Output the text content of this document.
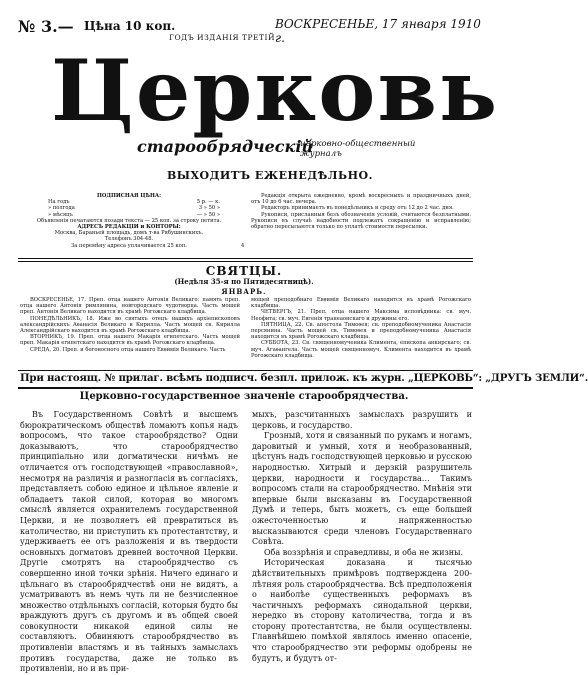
№ 3.— Цѣна 10 коп.	ВОСКРЕСЕНЬЕ, 17 января 1910 г.
ГОДЪ ИЗДАНІЯ ТРЕТІЙ
Церковь
старообрядческій
церковно-общественный журналъ
ВЫХОДИТЪ ЕЖЕНЕДѢЛЬНО.
ПОДПИСНАЯ ЦѢНА:
На годъ	5 р. — к.
» полгода	3 » 50 »
» мѣсяцъ	— » 50 »
Объявленія печатаются позади текста — 25 коп. за строку петита.
АДРЕСЪ РЕДАКЦІИ и КОНТОРЫ:
Москва, Бараньей площадь, домъ т-ва Рябушинскихъ.
Телефонъ 304-48.
За перемѣну адреса уплачивается 25 коп.	4
Редакція открыта ежедневно, кромѣ воскресныхъ и праздничныхъ дней, отъ 10 до 6 час. вечера.
Редакторъ принимаетъ въ понедѣльникъ и среду отъ 12 до 2 час. дня.
Рукописи, присланныя безъ обозначенія условій, считаются безплатными. Рукописи въ случаѣ надобности подлежатъ сокращенію и исправленію; обратно пересылаются только по уплатѣ стоимости пересылки.
СВЯТЦЫ.
(Недѣля 35-я по Пятидесятницѣ).
ЯНВАРЬ.
ВОСКРЕСЕНЬЕ, 17. Преп. отца нашего Антонія Великаго: память преп. отца нашего Антонія римлянина, новгородскаго чудотворца. Часть мощей преп. Антонія Великаго находится въ храмѣ Рогожскаго кладбища.
ПОНЕДѢЛЬНИКЪ, 18. Иже во святыхъ отецъ нашихъ архіепископовъ александрійскихъ Аѳанасія Великаго и Кирилла. Часть мощей св. Кирилла Александрійскаго находится въ храмѣ Рогожскаго кладбища.
ВТОРНИКЪ, 19. Преп. отца нашего Макарія египетскаго. Часть мощей преп. Макарія египетскаго находится въ храмѣ Рогожскаго кладбища.
СРЕДА, 20. Преп. и богоносного отца нашего Евѳимія Великаго. Часть
мощей преподобнаго Евѳимія Великаго находится въ храмѣ Рогожскаго кладбища.
ЧЕТВЕРГЪ, 21. Преп. отца нашего Максима исповѣдника: св. муч. Неофита; св. муч. Евгенія транеаонскаго и дружины его.
ПЯТНИЦА, 22. Св. апостола Тимоѳея; св. преподобномученика Анастасія персянина. Часть мощей св. Тимоѳея и преподобномученика Анастасія находится въ храмѣ Рогожскаго кладбища.
СУББОТА, 23. Св. священномученика Климента, епископа анкирскаго; св. муч. Агаѳангела. Часть мощей священномуч. Климента находится въ храмѣ Рогожскаго кладбища.
При настоящ. № прилаг. всѣмъ подписч. безпл. прилож. къ журн. „ЦЕРКОВЬ“: „ДРУГЪ ЗЕМЛИ“.
Церковно-государственное значеніе старообрядчества.

Въ Государственномъ Совѣтѣ и высшемъ бюрократическомъ обществѣ ломаютъ копья надъ вопросомъ, что такое старообрядство? Одни доказываютъ, что старообрядчество принципіально или догматически ничѣмъ не отличается отъ господствующей «православной», несмотря на различія и разногласія въ согласіяхъ, представляетъ собою единое и цѣльное явленіе и обладаетъ такой силой, которая во многомъ смыслѣ является охранителемъ государственной Церкви, и не позволяетъ ей превратиться въ католичество, ни приступить къ протестантству, и удерживаетъ ее отъ разложенія и въ твердости основныхъ догматовъ древней восточной Церкви. Другіе смотрятъ на старообрядчество съ совершенно иной точки зрѣнія. Ничего единаго и цѣльнаго въ старообрядчествѣ они не видятъ, а усматриваютъ въ немъ чуть ли не безчисленное множество отдѣльныхъ согласій, которыя будто бы враждуютъ другъ съ другомъ и въ общей своей совокупности никакой единой силы не составляютъ. Обвиняютъ старообрядчество въ противленіи властямъ и въ тайныхъ замыслахъ противъ государства, даже не только въ противленіи, но и въ при-

мыхъ, разсчитанныхъ замыслахъ разрушить и церковь, и государство.

Грозный, хотя и связанный по рукамъ и ногамъ, даровитый и умный, хотя и необразованный, цѣстунъ надъ господствующей церковью и русскою народностью. Хитрый и дерзкій разрушитель церкви, народности и государства… Такимъ вопросомъ стали на старообрядчество. Мнѣнія эти впервые были высказаны въ Государственной Думѣ и теперь, быть можетъ, съ еще большей ожесточенностью и напряженностью высказываются среди членовъ Государственнаго Совѣта.

Оба воззрѣнія и справедливы, и оба не жизны.

Историческая доказана и тысячью дѣйствительныхъ примѣровъ подтверждена 200-лѣтняя роль старообрядчества. Всѣ предположенія о наиболѣе существенныхъ реформахъ въ частичныхъ реформахъ синодальной церкви, нередко въ сторону католичества, тогда и въ сторону протестантства, не были осуществлены. Главнѣйшею помѣхой являлось именно опасеніе, что старообрядчество эти реформы одобрены не будутъ, и будутъ от-
